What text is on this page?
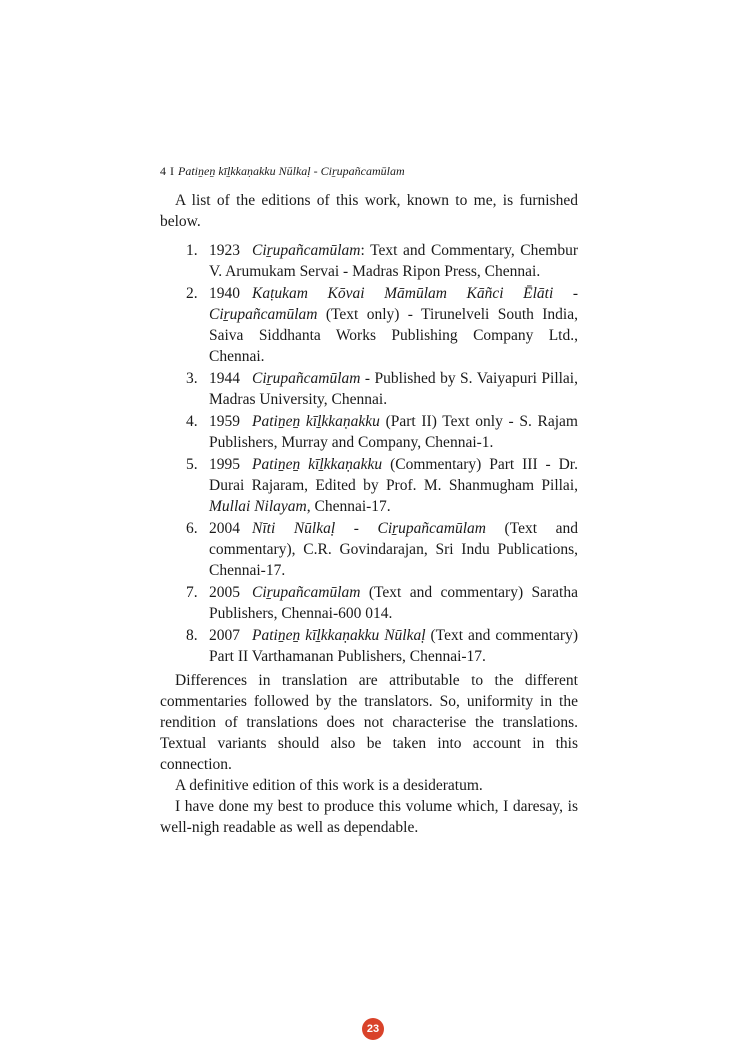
4 I Patiṉeṉ kīḻkkaṇakku Nūlkaḷ - Ciṟupañcamūlam

A list of the editions of this work, known to me, is furnished below.

1. 1923 Ciṟupañcamūlam: Text and Commentary, Chembur V. Arumukam Servai - Madras Ripon Press, Chennai.
2. 1940 Kaṭukam Kōvai Māmūlam Kāñci Ēlāti - Ciṟupañcamūlam (Text only) - Tirunelveli South India, Saiva Siddhanta Works Publishing Company Ltd., Chennai.
3. 1944 Ciṟupañcamūlam - Published by S. Vaiyapuri Pillai, Madras University, Chennai.
4. 1959 Patiṉeṉ kīḻkkaṇakku (Part II) Text only - S. Rajam Publishers, Murray and Company, Chennai-1.
5. 1995 Patiṉeṉ kīḻkkaṇakku (Commentary) Part III - Dr. Durai Rajaram, Edited by Prof. M. Shanmugham Pillai, Mullai Nilayam, Chennai-17.
6. 2004 Nīti Nūlkaḷ - Ciṟupañcamūlam (Text and commentary), C.R. Govindarajan, Sri Indu Publications, Chennai-17.
7. 2005 Ciṟupañcamūlam (Text and commentary) Saratha Publishers, Chennai-600 014.
8. 2007 Patiṉeṉ kīḻkkaṇakku Nūlkaḷ (Text and commentary) Part II Varthamanan Publishers, Chennai-17.

Differences in translation are attributable to the different commentaries followed by the translators. So, uniformity in the rendition of translations does not characterise the translations. Textual variants should also be taken into account in this connection.

A definitive edition of this work is a desideratum.

I have done my best to produce this volume which, I daresay, is well-nigh readable as well as dependable.

23
